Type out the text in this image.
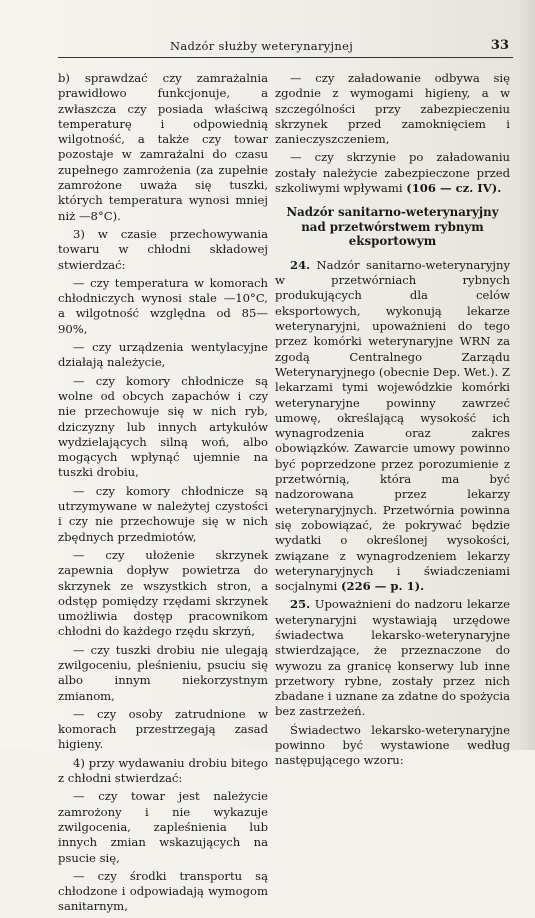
Nadzór służby weterynaryjnej	33

b) sprawdzać czy zamrażalnia prawidłowo funkcjonuje, a zwłaszcza czy posiada właściwą temperaturę i odpowiednią wilgotność, a także czy towar pozostaje w zamrażalni do czasu zupełnego zamrożenia (za zupełnie zamrożone uważa się tuszki, których temperatura wynosi mniej niż —8°C).

3) w czasie przechowywania towaru w chłodni składowej stwierdzać:

— czy temperatura w komorach chłodniczych wynosi stale —10°C, a wilgotność względna od 85—90%,

— czy urządzenia wentylacyjne działają należycie,

— czy komory chłodnicze są wolne od obcych zapachów i czy nie przechowuje się w nich ryb, dziczyzny lub innych artykułów wydzielających silną woń, albo mogących wpłynąć ujemnie na tuszki drobiu,

— czy komory chłodnicze są utrzymywane w należytej czystości i czy nie przechowuje się w nich zbędnych przedmiotów,

— czy ułożenie skrzynek zapewnia dopływ powietrza do skrzynek ze wszystkich stron, a odstęp pomiędzy rzędami skrzynek umożliwia dostęp pracownikom chłodni do każdego rzędu skrzyń,

— czy tuszki drobiu nie ulegają zwilgoceniu, pleśnieniu, psuciu się albo innym niekorzystnym zmianom,

— czy osoby zatrudnione w komorach przestrzegają zasad higieny.

4) przy wydawaniu drobiu bitego z chłodni stwierdzać:

— czy towar jest należycie zamrożony i nie wykazuje zwilgocenia, zapleśnienia lub innych zmian wskazujących na psucie się,

— czy środki transportu są chłodzone i odpowiadają wymogom sanitarnym,

— czy załadowanie odbywa się zgodnie z wymogami higieny, a w szczególności przy zabezpieczeniu skrzynek przed zamoknięciem i zanieczyszczeniem,

— czy skrzynie po załadowaniu zostały należycie zabezpieczone przed szkoliwymi wpływami (106 — cz. IV).

Nadzór sanitarno-weterynaryjny nad przetwórstwem rybnym eksportowym

24. Nadzór sanitarno-weterynaryjny w przetwórniach rybnych produkujących dla celów eksportowych, wykonują lekarze weterynaryjni, upoważnieni do tego przez komórki weterynaryjne WRN za zgodą Centralnego Zarządu Weterynaryjnego (obecnie Dep. Wet.). Z lekarzami tymi wojewódzkie komórki weterynaryjne powinny zawrzeć umowę, określającą wysokość ich wynagrodzenia oraz zakres obowiązków. Zawarcie umowy powinno być poprzedzone przez porozumienie z przetwórnią, która ma być nadzorowana przez lekarzy weterynaryjnych. Przetwórnia powinna się zobowiązać, że pokrywać będzie wydatki o określonej wysokości, związane z wynagrodzeniem lekarzy weterynaryjnych i świadczeniami socjalnymi (226 — p. 1).

25. Upoważnieni do nadzoru lekarze weterynaryjni wystawiają urzędowe świadectwa lekarsko-weterynaryjne stwierdzające, że przeznaczone do wywozu za granicę konserwy lub inne przetwory rybne, zostały przez nich zbadane i uznane za zdatne do spożycia bez zastrzeżeń.

Świadectwo lekarsko-weterynaryjne powinno być wystawione według następującego wzoru:
